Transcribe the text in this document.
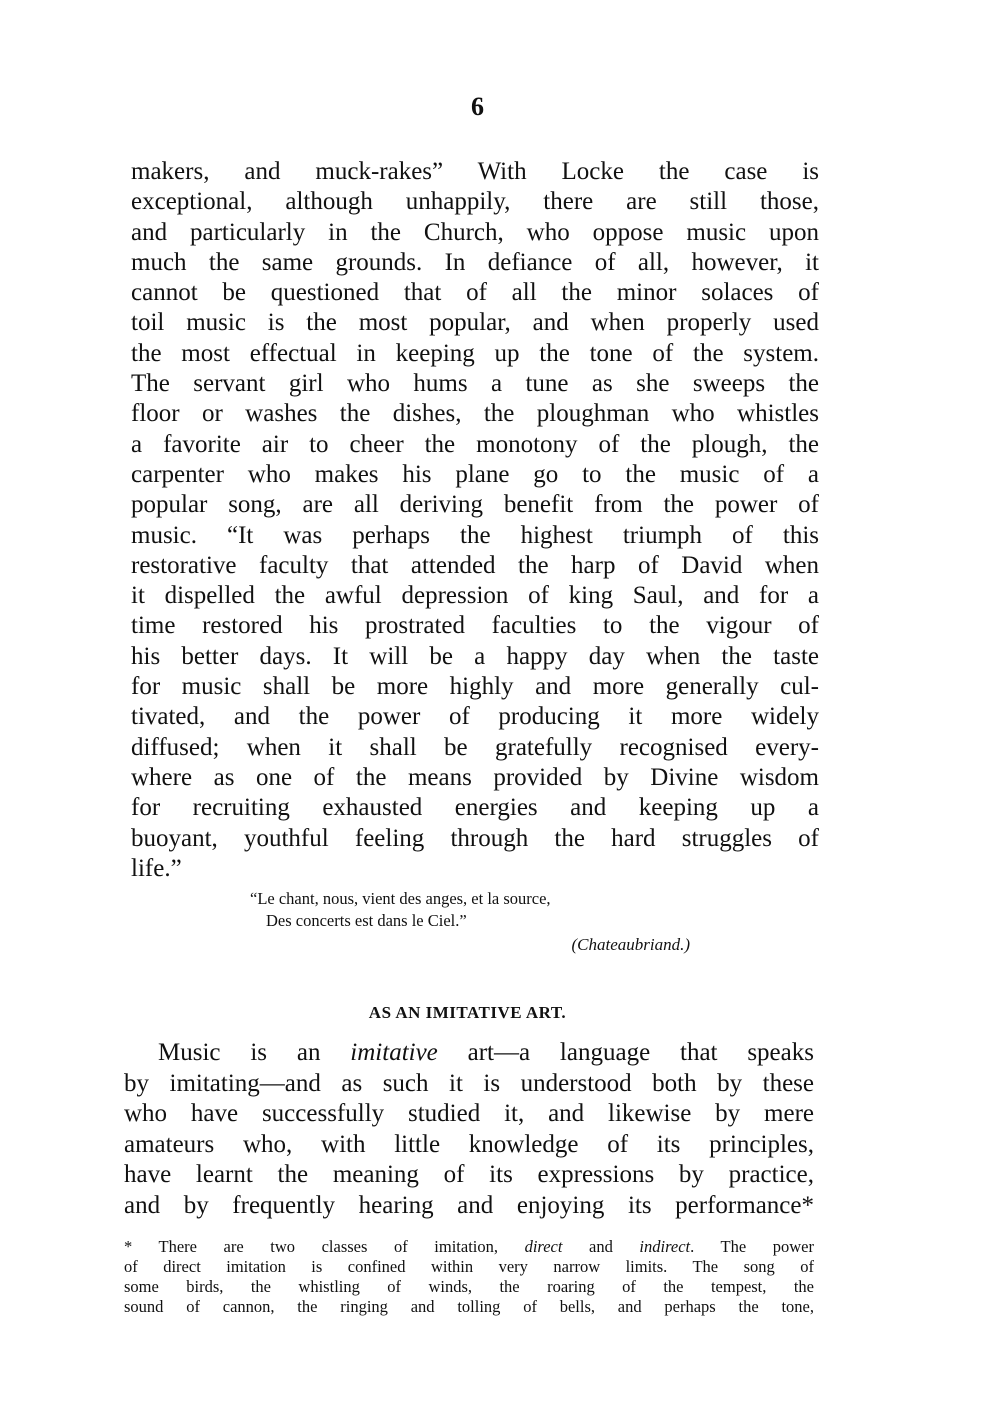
6
makers, and muck-rakes” With Locke the case is
exceptional, although unhappily, there are still those,
and particularly in the Church, who oppose music upon
much the same grounds. In defiance of all, however, it
cannot be questioned that of all the minor solaces of
toil music is the most popular, and when properly used
the most effectual in keeping up the tone of the system.
The servant girl who hums a tune as she sweeps the
floor or washes the dishes, the ploughman who whistles
a favorite air to cheer the monotony of the plough, the
carpenter who makes his plane go to the music of a
popular song, are all deriving benefit from the power of
music. “It was perhaps the highest triumph of this
restorative faculty that attended the harp of David when
it dispelled the awful depression of king Saul, and for a
time restored his prostrated faculties to the vigour of
his better days. It will be a happy day when the taste
for music shall be more highly and more generally cul-
tivated, and the power of producing it more widely
diffused; when it shall be gratefully recognised every-
where as one of the means provided by Divine wisdom
for recruiting exhausted energies and keeping up a
buoyant, youthful feeling through the hard struggles of
life.”
“Le chant, nous, vient des anges, et la source,
Des concerts est dans le Ciel.”
(Chateaubriand.)
AS AN IMITATIVE ART.
Music is an imitative art—a language that speaks
by imitating—and as such it is understood both by these
who have successfully studied it, and likewise by mere
amateurs who, with little knowledge of its principles,
have learnt the meaning of its expressions by practice,
and by frequently hearing and enjoying its performance*
* There are two classes of imitation, direct and indirect. The power
of direct imitation is confined within very narrow limits. The song of
some birds, the whistling of winds, the roaring of the tempest, the
sound of cannon, the ringing and tolling of bells, and perhaps the tone,
